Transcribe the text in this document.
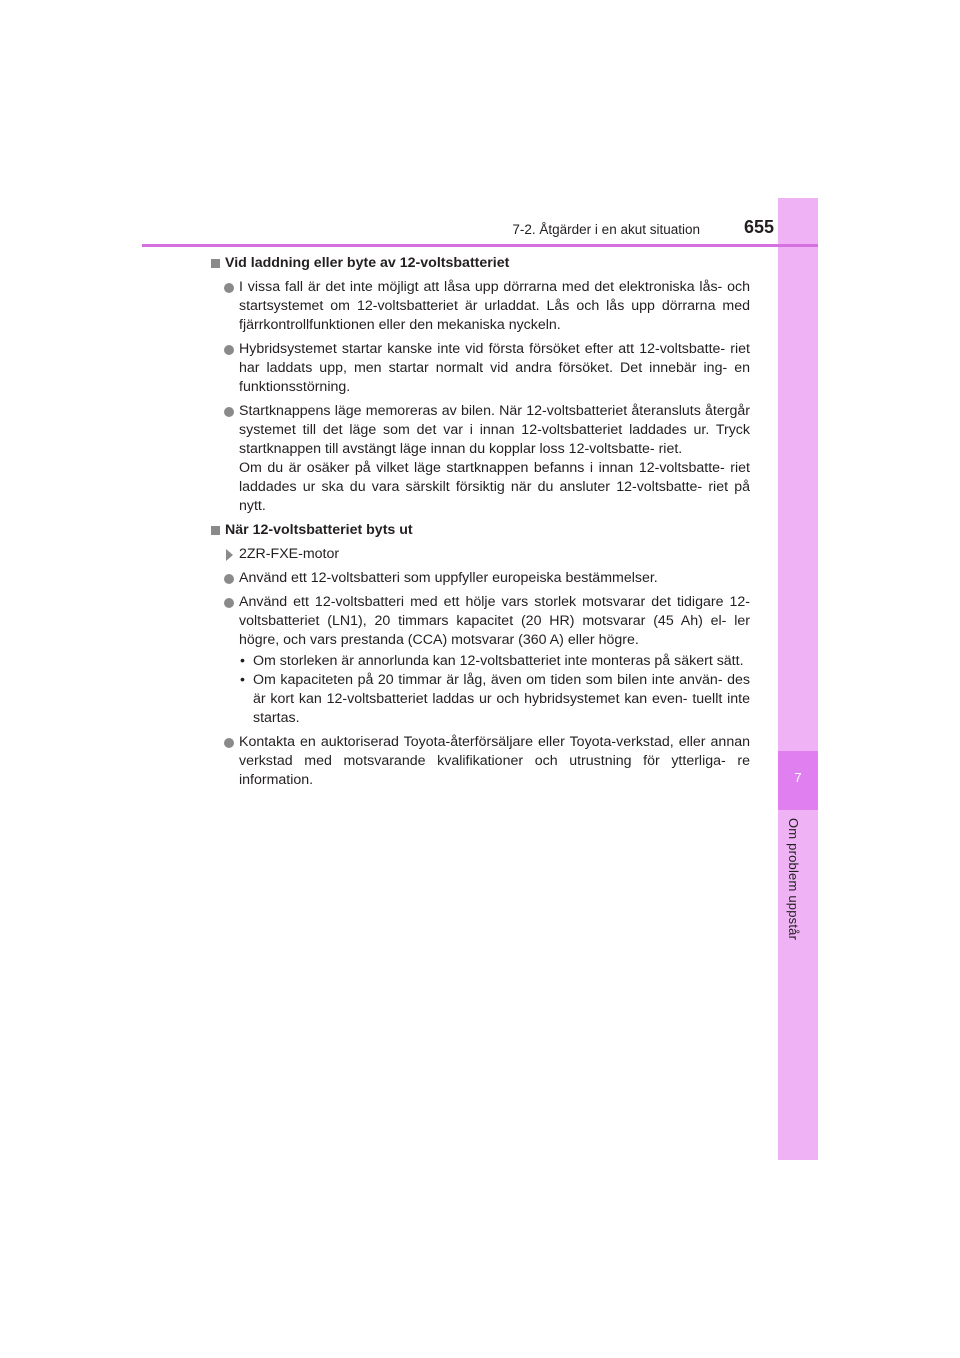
7
Om problem uppstår
7-2. Åtgärder i en akut situation	655
Vid laddning eller byte av 12-voltsbatteriet

I vissa fall är det inte möjligt att låsa upp dörrarna med det elektroniska lås- och startsystemet om 12-voltsbatteriet är urladdat. Lås och lås upp dörrarna med fjärrkontrollfunktionen eller den mekaniska nyckeln.

Hybridsystemet startar kanske inte vid första försöket efter att 12-voltsbatte- riet har laddats upp, men startar normalt vid andra försöket. Det innebär ing- en funktionsstörning.

Startknappens läge memoreras av bilen. När 12-voltsbatteriet återansluts återgår systemet till det läge som det var i innan 12-voltsbatteriet laddades ur. Tryck startknappen till avstängt läge innan du kopplar loss 12-voltsbatte- riet.

Om du är osäker på vilket läge startknappen befanns i innan 12-voltsbatte- riet laddades ur ska du vara särskilt försiktig när du ansluter 12-voltsbatte- riet på nytt.

När 12-voltsbatteriet byts ut

2ZR-FXE-motor

Använd ett 12-voltsbatteri som uppfyller europeiska bestämmelser.

Använd ett 12-voltsbatteri med ett hölje vars storlek motsvarar det tidigare 12-voltsbatteriet (LN1), 20 timmars kapacitet (20 HR) motsvarar (45 Ah) el- ler högre, och vars prestanda (CCA) motsvarar (360 A) eller högre.

• Om storleken är annorlunda kan 12-voltsbatteriet inte monteras på säkert sätt.

• Om kapaciteten på 20 timmar är låg, även om tiden som bilen inte använ- des är kort kan 12-voltsbatteriet laddas ur och hybridsystemet kan even- tuellt inte startas.

Kontakta en auktoriserad Toyota-återförsäljare eller Toyota-verkstad, eller annan verkstad med motsvarande kvalifikationer och utrustning för ytterliga- re information.
